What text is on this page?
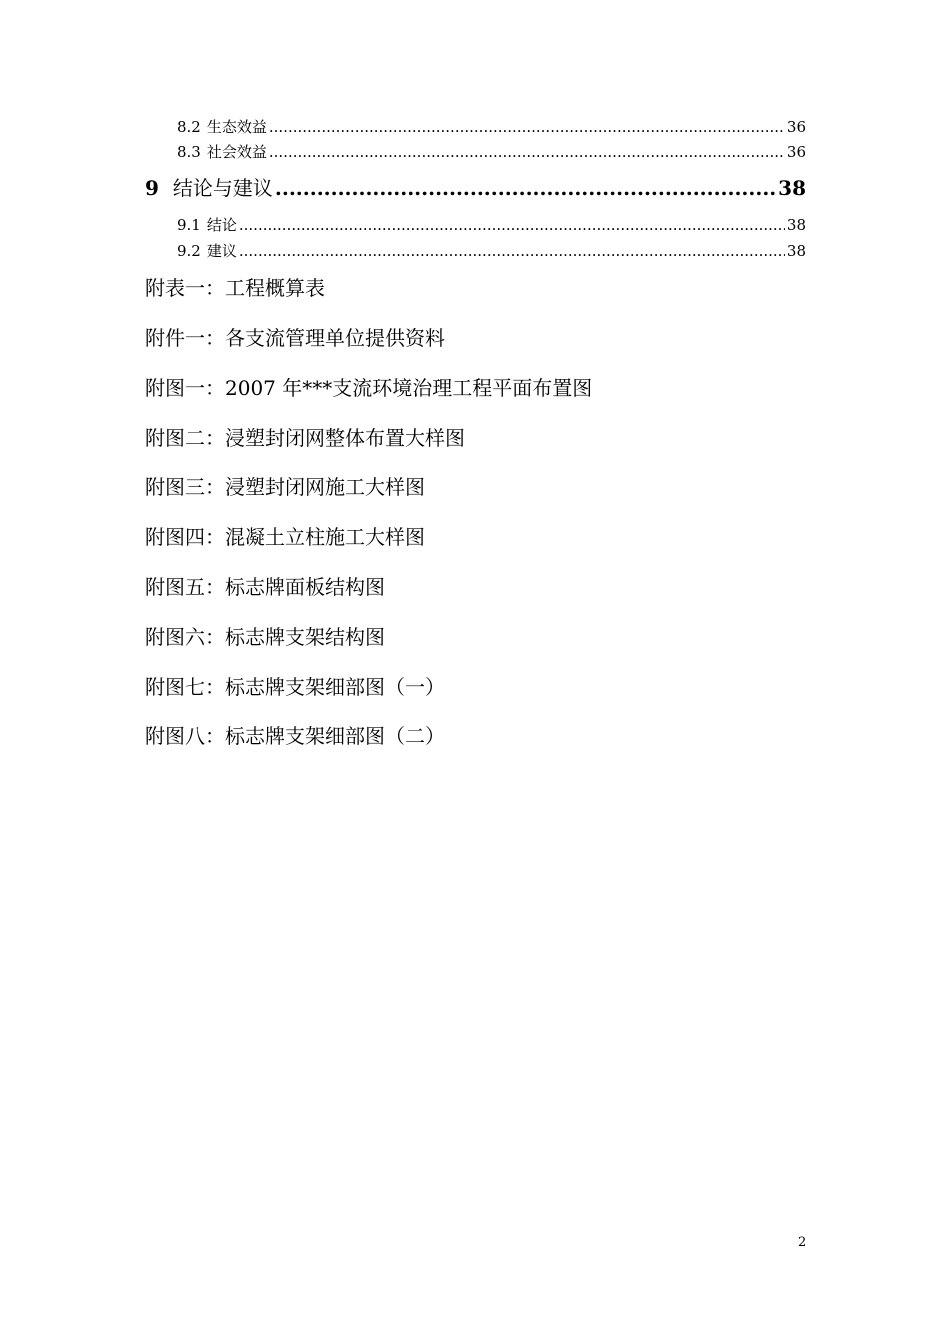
8.2 生态效益 .....	36
8.3 社会效益 .....	36
9 结论与建议 .....	38
9.1 结论 .....	38
9.2 建议 .....	38
附表一：工程概算表
附件一：各支流管理单位提供资料
附图一：2007 年***支流环境治理工程平面布置图
附图二：浸塑封闭网整体布置大样图
附图三：浸塑封闭网施工大样图
附图四：混凝土立柱施工大样图
附图五：标志牌面板结构图
附图六：标志牌支架结构图
附图七：标志牌支架细部图（一）
附图八：标志牌支架细部图（二）
2
